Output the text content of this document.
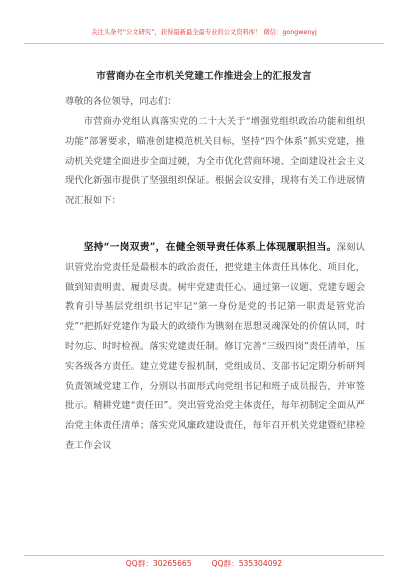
关注头条号“公文研究”，获得最新最全最专业的公文资料库！ 微信：gongwenyj
市营商办在全市机关党建工作推进会上的汇报发言
尊敬的各位领导，同志们：
市营商办党组认真落实党的二十大关于“增强党组织政治功能和组织功能”部署要求，瞄准创建模范机关目标，坚持“四个体系”抓实党建，推动机关党建全面进步全面过硬，为全市优化营商环境、全面建设社会主义现代化新强市提供了坚强组织保证。根据会议安排，现将有关工作进展情况汇报如下：
坚持“一岗双责”，在健全领导责任体系上体现履职担当。深刻认识管党治党责任是最根本的政治责任，把党建主体责任具体化、项目化，做到知责明责、履责尽责。树牢党建责任心。通过第一议题、党建专题会教育引导基层党组织书记牢记“第一身份是党的书记第一职责是管党治党”“把抓好党建作为最大的政绩作为镌刻在思想灵魂深处的价值认同，时时勿忘、时时检视。落实党建责任制。修订完善“三级四岗”责任清单，压实各级各方责任。建立党建专报机制，党组成员、支部书记定期分析研判负责领域党建工作，分别以书面形式向党组书记和班子成员报告，并审签批示。精耕党建“责任田”。突出管党治党主体责任，每年初制定全面从严治党主体责任清单；落实党风廉政建设责任，每年召开机关党建暨纪律检查工作会议
QQ群：30265665	QQ群：535304092
